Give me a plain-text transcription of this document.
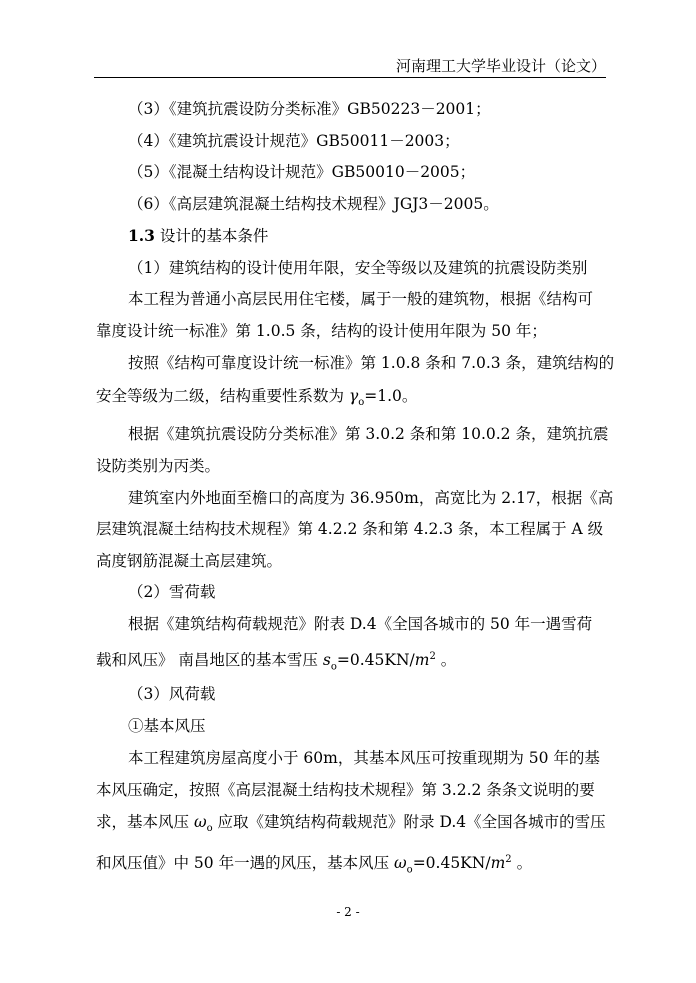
河南理工大学毕业设计（论文）
（3）《建筑抗震设防分类标准》GB50223－2001；
（4）《建筑抗震设计规范》GB50011－2003；
（5）《混凝土结构设计规范》GB50010－2005；
（6）《高层建筑混凝土结构技术规程》JGJ3－2005。
1.3 设计的基本条件
（1）建筑结构的设计使用年限，安全等级以及建筑的抗震设防类别
本工程为普通小高层民用住宅楼，属于一般的建筑物，根据《结构可
靠度设计统一标准》第 1.0.5 条，结构的设计使用年限为 50 年；
按照《结构可靠度设计统一标准》第 1.0.8 条和 7.0.3 条，建筑结构的
安全等级为二级，结构重要性系数为 $\gamma_o=1.0$。
根据《建筑抗震设防分类标准》第 3.0.2 条和第 10.0.2 条，建筑抗震
设防类别为丙类。
建筑室内外地面至檐口的高度为 36.950m，高宽比为 2.17，根据《高
层建筑混凝土结构技术规程》第 4.2.2 条和第 4.2.3 条，本工程属于 A 级
高度钢筋混凝土高层建筑。
（2）雪荷载
根据《建筑结构荷载规范》附表 D.4《全国各城市的 50 年一遇雪荷
载和风压》 南昌地区的基本雪压 $s_o=0.45KN/m^2$ 。
（3）风荷载
①基本风压
本工程建筑房屋高度小于 60m，其基本风压可按重现期为 50 年的基
本风压确定，按照《高层混凝土结构技术规程》第 3.2.2 条条文说明的要
求，基本风压 $\omega_o$ 应取《建筑结构荷载规范》附录 D.4《全国各城市的雪压
和风压值》中 50 年一遇的风压，基本风压 $\omega_o=0.45KN/m^2$ 。
- 2 -
